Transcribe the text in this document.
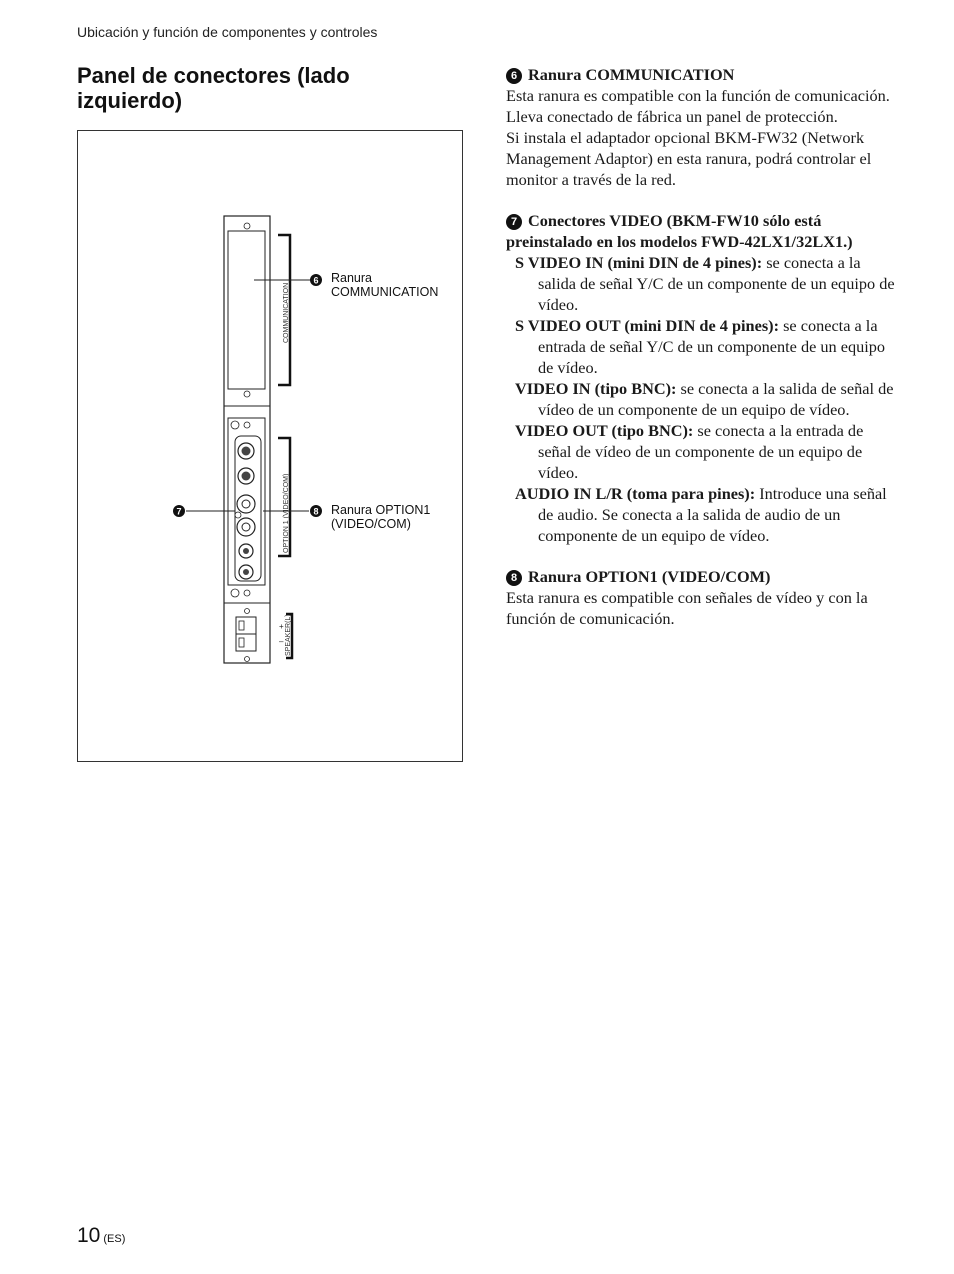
Ubicación y función de componentes y controles
Panel de conectores (lado izquierdo)
+
–
COMMUNICATION
OPTION 1 (VIDEO/COM)
SPEAKER(L)
6
7	8
Ranura
COMMUNICATION
Ranura OPTION1
(VIDEO/COM)
6 Ranura COMMUNICATION
Esta ranura es compatible con la función de comunicación.
Lleva conectado de fábrica un panel de protección.
Si instala el adaptador opcional BKM-FW32 (Network Management Adaptor) en esta ranura, podrá controlar el monitor a través de la red.
7 Conectores VIDEO (BKM-FW10 sólo está preinstalado en los modelos FWD-42LX1/32LX1.)
S VIDEO IN (mini DIN de 4 pines): se conecta a la salida de señal Y/C de un componente de un equipo de vídeo.
S VIDEO OUT (mini DIN de 4 pines): se conecta a la entrada de señal Y/C de un componente de un equipo de vídeo.
VIDEO IN (tipo BNC): se conecta a la salida de señal de vídeo de un componente de un equipo de vídeo.
VIDEO OUT (tipo BNC): se conecta a la entrada de señal de vídeo de un componente de un equipo de vídeo.
AUDIO IN L/R (toma para pines): Introduce una señal de audio. Se conecta a la salida de audio de un componente de un equipo de vídeo.
8 Ranura OPTION1 (VIDEO/COM)
Esta ranura es compatible con señales de vídeo y con la función de comunicación.
10 (ES)
